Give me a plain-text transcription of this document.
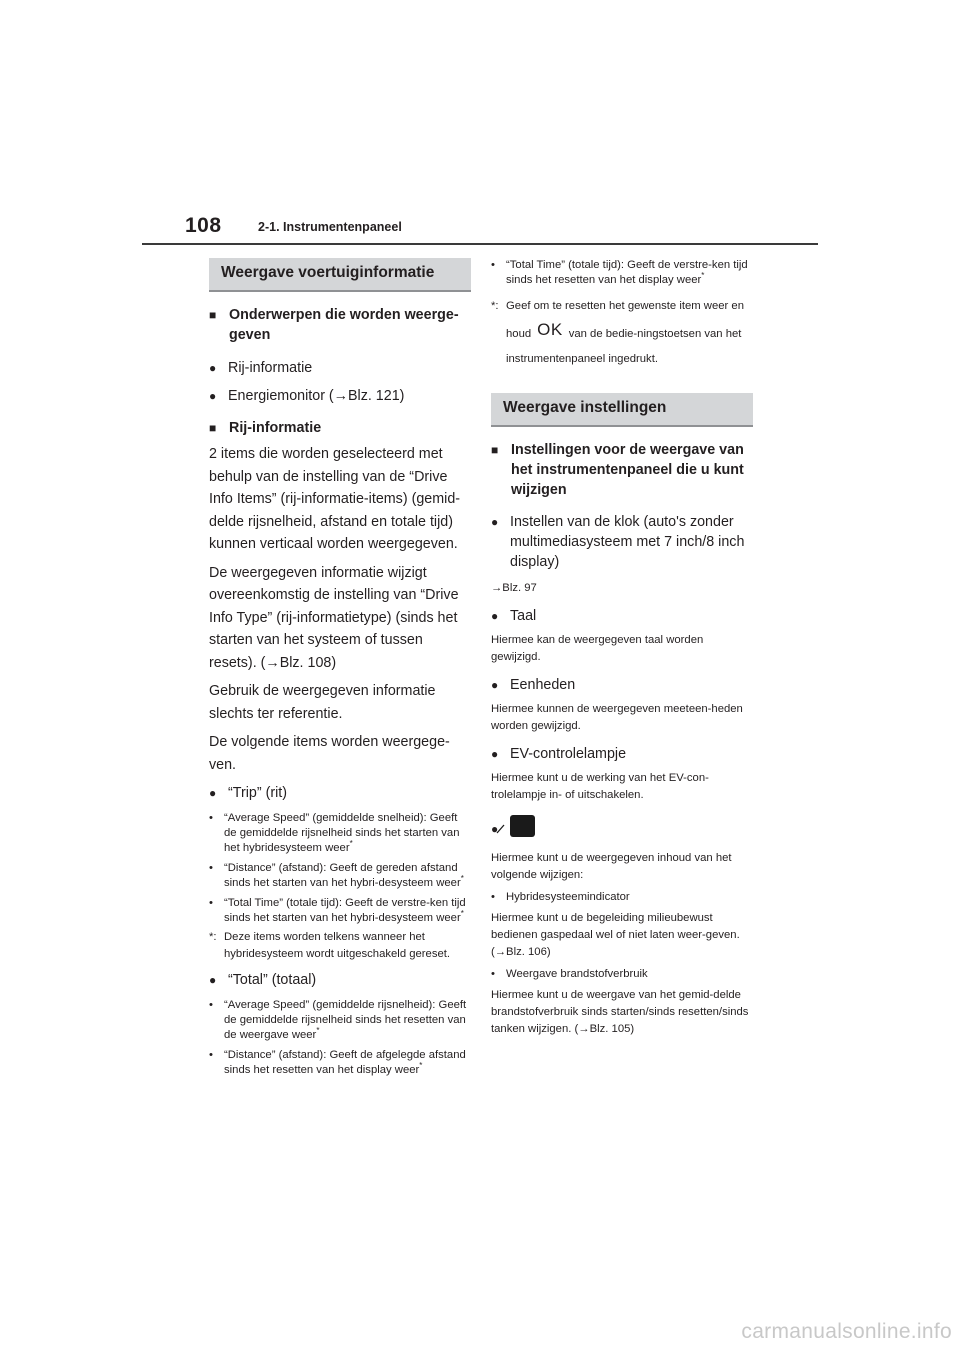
108	2-1. Instrumentenpaneel
Weergave voertuiginformatie
■ Onderwerpen die worden weerge-geven
● Rij-informatie
● Energiemonitor (→Blz. 121)
■ Rij-informatie
2 items die worden geselecteerd met behulp van de instelling van de “Drive Info Items” (rij-informatie-items) (gemid-delde rijsnelheid, afstand en totale tijd) kunnen verticaal worden weergegeven.
De weergegeven informatie wijzigt overeenkomstig de instelling van “Drive Info Type” (rij-informatietype) (sinds het starten van het systeem of tussen resets). (→Blz. 108)
Gebruik de weergegeven informatie slechts ter referentie.
De volgende items worden weergege-ven.
● “Trip” (rit)
• “Average Speed” (gemiddelde snelheid): Geeft de gemiddelde rijsnelheid sinds het starten van het hybridesysteem weer*
• “Distance” (afstand): Geeft de gereden afstand sinds het starten van het hybri-desysteem weer*
• “Total Time” (totale tijd): Geeft de verstre-ken tijd sinds het starten van het hybri-desysteem weer*
*: Deze items worden telkens wanneer het hybridesysteem wordt uitgeschakeld gereset.
● “Total” (totaal)
• “Average Speed” (gemiddelde rijsnelheid): Geeft de gemiddelde rijsnelheid sinds het resetten van de weergave weer*
• “Distance” (afstand): Geeft de afgelegde afstand sinds het resetten van het display weer*
• “Total Time” (totale tijd): Geeft de verstre-ken tijd sinds het resetten van het display weer*
*: Geef om te resetten het gewenste item weer en houd OK van de bedie-ningstoetsen van het instrumentenpaneel ingedrukt.
Weergave instellingen
■ Instellingen voor de weergave van het instrumentenpaneel die u kunt wijzigen
● Instellen van de klok (auto's zonder multimediasysteem met 7 inch/8 inch display)
→Blz. 97
● Taal
Hiermee kan de weergegeven taal worden gewijzigd.
● Eenheden
Hiermee kunnen de weergegeven meeteen-heden worden gewijzigd.
● EV-controlelampje
Hiermee kunt u de werking van het EV-con-trolelampje in- of uitschakelen.
●
Hiermee kunt u de weergegeven inhoud van het volgende wijzigen:
• Hybridesysteemindicator
Hiermee kunt u de begeleiding milieubewust bedienen gaspedaal wel of niet laten weer-geven. (→Blz. 106)
• Weergave brandstofverbruik
Hiermee kunt u de weergave van het gemid-delde brandstofverbruik sinds starten/sinds resetten/sinds tanken wijzigen. (→Blz. 105)
carmanualsonline.info
